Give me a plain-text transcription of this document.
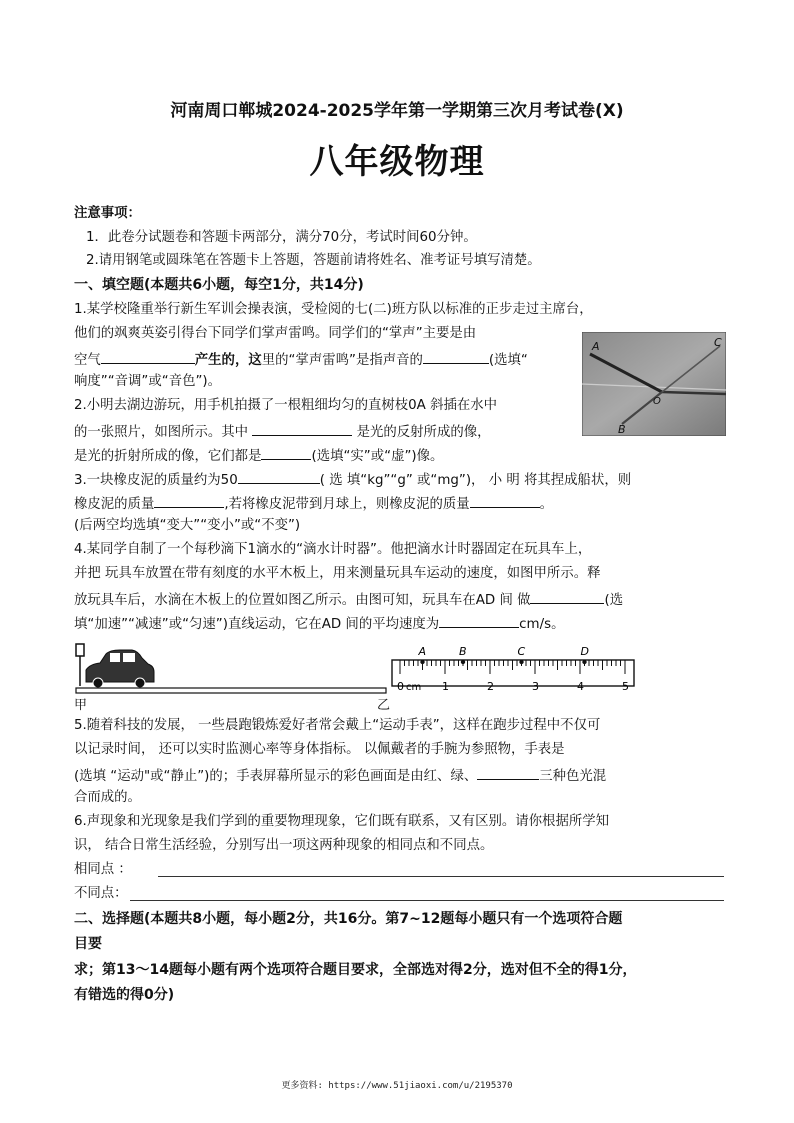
河南周口郸城2024-2025学年第一学期第三次月考试卷(X)
八年级物理
注意事项：
1．此卷分试题卷和答题卡两部分，满分70分，考试时间60分钟。
2.请用钢笔或圆珠笔在答题卡上答题，答题前请将姓名、准考证号填写清楚。
一、填空题(本题共6小题，每空1分，共14分)
1.某学校隆重举行新生军训会操表演，受检阅的七(二)班方队以标准的正步走过主席台，
他们的飒爽英姿引得台下同学们掌声雷鸣。同学们的“掌声”主要是由
空气	产生的，这里的“掌声雷鸣”是指声音的	(选填“
响度”“音调”或“音色”)。
2.小明去湖边游玩，用手机拍摄了一根粗细均匀的直树枝0A 斜插在水中
的一张照片，如图所示。其中	是光的反射所成的像，
是光的折射所成的像，它们都是	(选填“实”或“虚”)像。
A
O
B
C
3.一块橡皮泥的质量约为50	( 选 填“kg”“g” 或“mg”)， 小 明 将其捏成船状，则
橡皮泥的质量	,若将橡皮泥带到月球上，则橡皮泥的质量	。
(后两空均选填“变大”“变小”或“不变”)
4.某同学自制了一个每秒滴下1滴水的“滴水计时器”。他把滴水计时器固定在玩具车上，
并把 玩具车放置在带有刻度的水平木板上，用来测量玩具车运动的速度，如图甲所示。释
放玩具车后，水滴在木板上的位置如图乙所示。由图可知，玩具车在AD 间 做	(选
填“加速”“减速”或“匀速”)直线运动，它在AD 间的平均速度为	cm/s。
甲
0 cm 1	2	3	4	5
A	B	C	D
乙
5.随着科技的发展， 一些晨跑锻炼爱好者常会戴上“运动手表”，这样在跑步过程中不仅可
以记录时间， 还可以实时监测心率等身体指标。 以佩戴者的手腕为参照物，手表是
(选填 “运动"或“静止”)的；手表屏幕所显示的彩色画面是由红、绿、	三种色光混
合而成的。
6.声现象和光现象是我们学到的重要物理现象，它们既有联系，又有区别。请你根据所学知
识， 结合日常生活经验，分别写出一项这两种现象的相同点和不同点。
相同点 ：
不同点：
二、选择题(本题共8小题，每小题2分，共16分。第7~12题每小题只有一个选项符合题
目要
求；第13～14题每小题有两个选项符合题目要求，全部选对得2分，选对但不全的得1分，
有错选的得0分)
更多资料: https://www.51jiaoxi.com/u/2195370
